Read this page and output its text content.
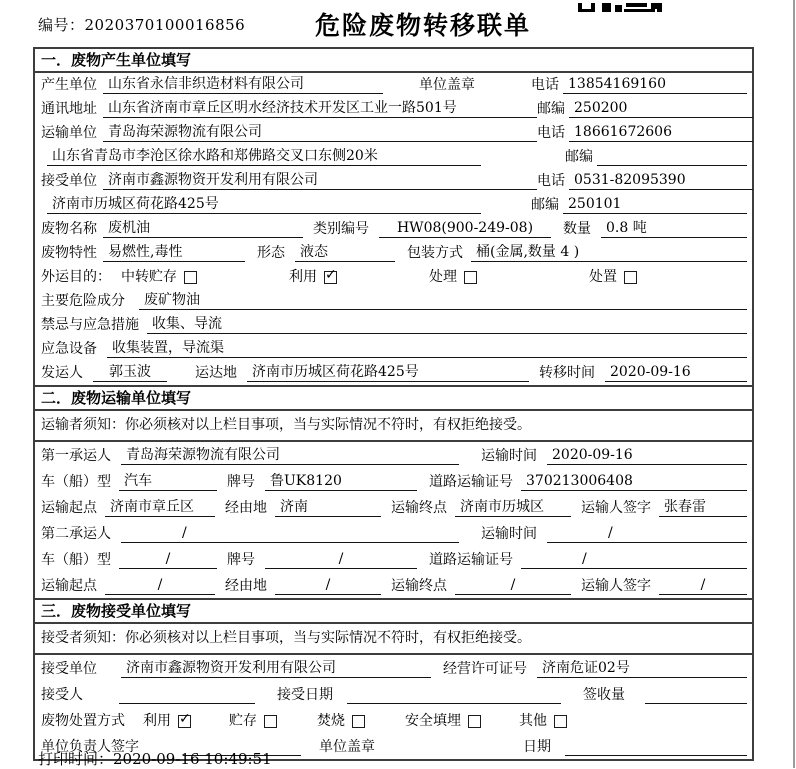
编号：2020370100016856	危险废物转移联单
一．废物产生单位填写
产生单位 山东省永信非织造材料有限公司	单位盖章	电话 13854169160
通讯地址 山东省济南市章丘区明水经济技术开发区工业一路501号	邮编 250200
运输单位 青岛海荣源物流有限公司	电话 18661672606
山东省青岛市李沧区徐水路和郑佛路交叉口东侧20米	邮编
接受单位 济南市鑫源物资开发利用有限公司	电话 0531-82095390
济南市历城区荷花路425号	邮编 250101
废物名称 废机油	类别编号	HW08(900-249-08)	数量	0.8 吨
废物特性 易燃性,毒性	形态	液态	包装方式 桶(金属,数量 4 )
外运目的： 中转贮存	利用 ✓	处理	处置
主要危险成分	废矿物油
禁忌与应急措施 收集、导流
应急设备	收集装置，导流渠
发运人	郭玉波	运达地	济南市历城区荷花路425号	转移时间	2020-09-16
二．废物运输单位填写
运输者须知：你必须核对以上栏目事项，当与实际情况不符时，有权拒绝接受。
第一承运人	青岛海荣源物流有限公司	运输时间	2020-09-16
车（船）型 汽车	牌号	鲁UK8120	道路运输证号 370213006408
运输起点 济南市章丘区	经由地 济南	运输终点 济南市历城区	运输人签字 张春雷
第二承运人	/	运输时间	/
车（船）型	/	牌号	/	道路运输证号	/
运输起点	/	经由地	/	运输终点	/	运输人签字	/
三．废物接受单位填写
接受者须知：你必须核对以上栏目事项，当与实际情况不符时，有权拒绝接受。
接受单位	济南市鑫源物资开发利用有限公司	经营许可证号	济南危证02号
接受人	接受日期	签收量
废物处置方式 利用 ✓	贮存	焚烧	安全填埋	其他
单位负责人签字	单位盖章	日期
打印时间：2020-09-16 10:49:51
